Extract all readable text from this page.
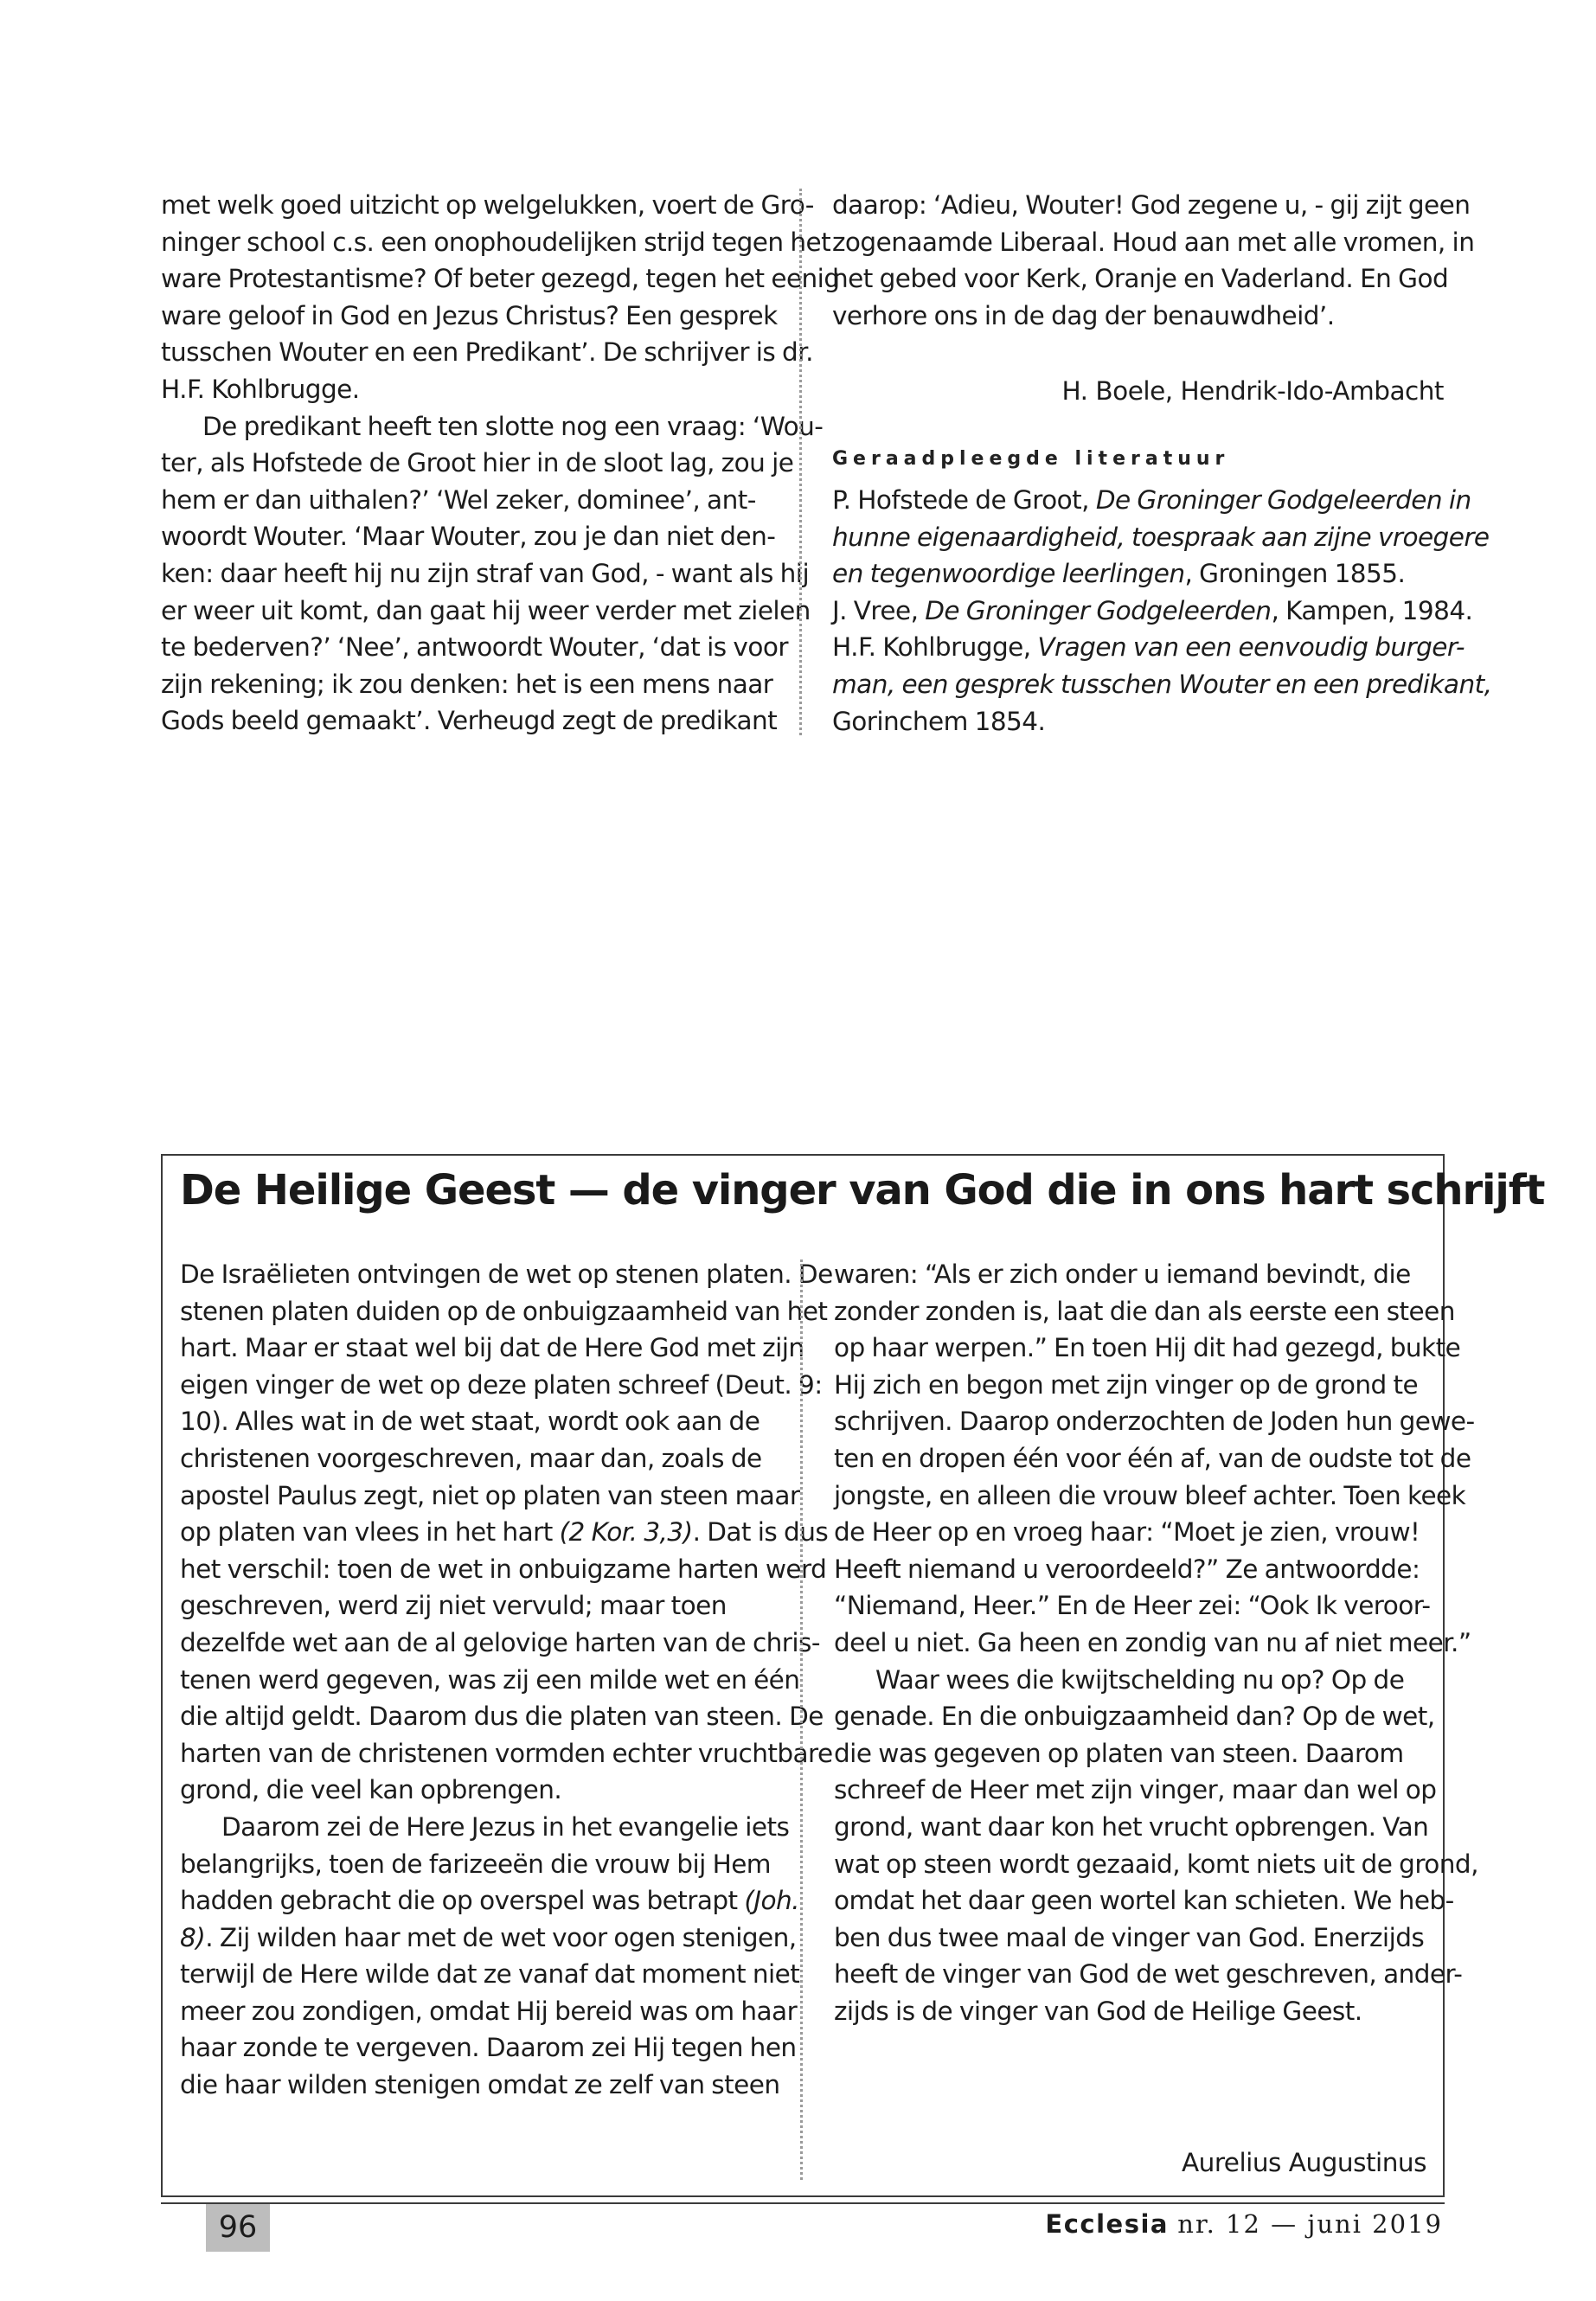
met welk goed uitzicht op welgelukken, voert de Gro-

ninger school c.s. een onophoudelijken strijd tegen het

ware Protestantisme? Of beter gezegd, tegen het eenig

ware geloof in God en Jezus Christus? Een gesprek

tusschen Wouter en een Predikant’. De schrijver is dr.

H.F. Kohlbrugge.

De predikant heeft ten slotte nog een vraag: ‘Wou-

ter, als Hofstede de Groot hier in de sloot lag, zou je

hem er dan uithalen?’ ‘Wel zeker, dominee’, ant-

woordt Wouter. ‘Maar Wouter, zou je dan niet den-

ken: daar heeft hij nu zijn straf van God, - want als hij

er weer uit komt, dan gaat hij weer verder met zielen

te bederven?’ ‘Nee’, antwoordt Wouter, ‘dat is voor

zijn rekening; ik zou denken: het is een mens naar

Gods beeld gemaakt’. Verheugd zegt de predikant

daarop: ‘Adieu, Wouter! God zegene u, - gij zijt geen

zogenaamde Liberaal. Houd aan met alle vromen, in

het gebed voor Kerk, Oranje en Vaderland. En God

verhore ons in de dag der benauwdheid’.

H. Boele, Hendrik-Ido-Ambacht
Geraadpleegde literatuur

P. Hofstede de Groot, De Groninger Godgeleerden in

hunne eigenaardigheid, toespraak aan zijne vroegere

en tegenwoordige leerlingen, Groningen 1855.

J. Vree, De Groninger Godgeleerden, Kampen, 1984.

H.F. Kohlbrugge, Vragen van een eenvoudig burger-

man, een gesprek tusschen Wouter en een predikant,

Gorinchem 1854.

De Heilige Geest — de vinger van God die in ons hart schrijft

De Israëlieten ontvingen de wet op stenen platen. De

stenen platen duiden op de onbuigzaamheid van het

hart. Maar er staat wel bij dat de Here God met zijn

eigen vinger de wet op deze platen schreef (Deut. 9:

10). Alles wat in de wet staat, wordt ook aan de

christenen voorgeschreven, maar dan, zoals de

apostel Paulus zegt, niet op platen van steen maar

op platen van vlees in het hart (2 Kor. 3,3). Dat is dus

het verschil: toen de wet in onbuigzame harten werd

geschreven, werd zij niet vervuld; maar toen

dezelfde wet aan de al gelovige harten van de chris-

tenen werd gegeven, was zij een milde wet en één

die altijd geldt. Daarom dus die platen van steen. De

harten van de christenen vormden echter vruchtbare

grond, die veel kan opbrengen.

Daarom zei de Here Jezus in het evangelie iets

belangrijks, toen de farizeeën die vrouw bij Hem

hadden gebracht die op overspel was betrapt (Joh.

8). Zij wilden haar met de wet voor ogen stenigen,

terwijl de Here wilde dat ze vanaf dat moment niet

meer zou zondigen, omdat Hij bereid was om haar

haar zonde te vergeven. Daarom zei Hij tegen hen

die haar wilden stenigen omdat ze zelf van steen

waren: “Als er zich onder u iemand bevindt, die

zonder zonden is, laat die dan als eerste een steen

op haar werpen.” En toen Hij dit had gezegd, bukte

Hij zich en begon met zijn vinger op de grond te

schrijven. Daarop onderzochten de Joden hun gewe-

ten en dropen één voor één af, van de oudste tot de

jongste, en alleen die vrouw bleef achter. Toen keek

de Heer op en vroeg haar: “Moet je zien, vrouw!

Heeft niemand u veroordeeld?” Ze antwoordde:

“Niemand, Heer.” En de Heer zei: “Ook Ik veroor-

deel u niet. Ga heen en zondig van nu af niet meer.”

Waar wees die kwijtschelding nu op? Op de

genade. En die onbuigzaamheid dan? Op de wet,

die was gegeven op platen van steen. Daarom

schreef de Heer met zijn vinger, maar dan wel op

grond, want daar kon het vrucht opbrengen. Van

wat op steen wordt gezaaid, komt niets uit de grond,

omdat het daar geen wortel kan schieten. We heb-

ben dus twee maal de vinger van God. Enerzijds

heeft de vinger van God de wet geschreven, ander-

zijds is de vinger van God de Heilige Geest.

Aurelius Augustinus
96	Ecclesia nr. 12 — juni 2019
